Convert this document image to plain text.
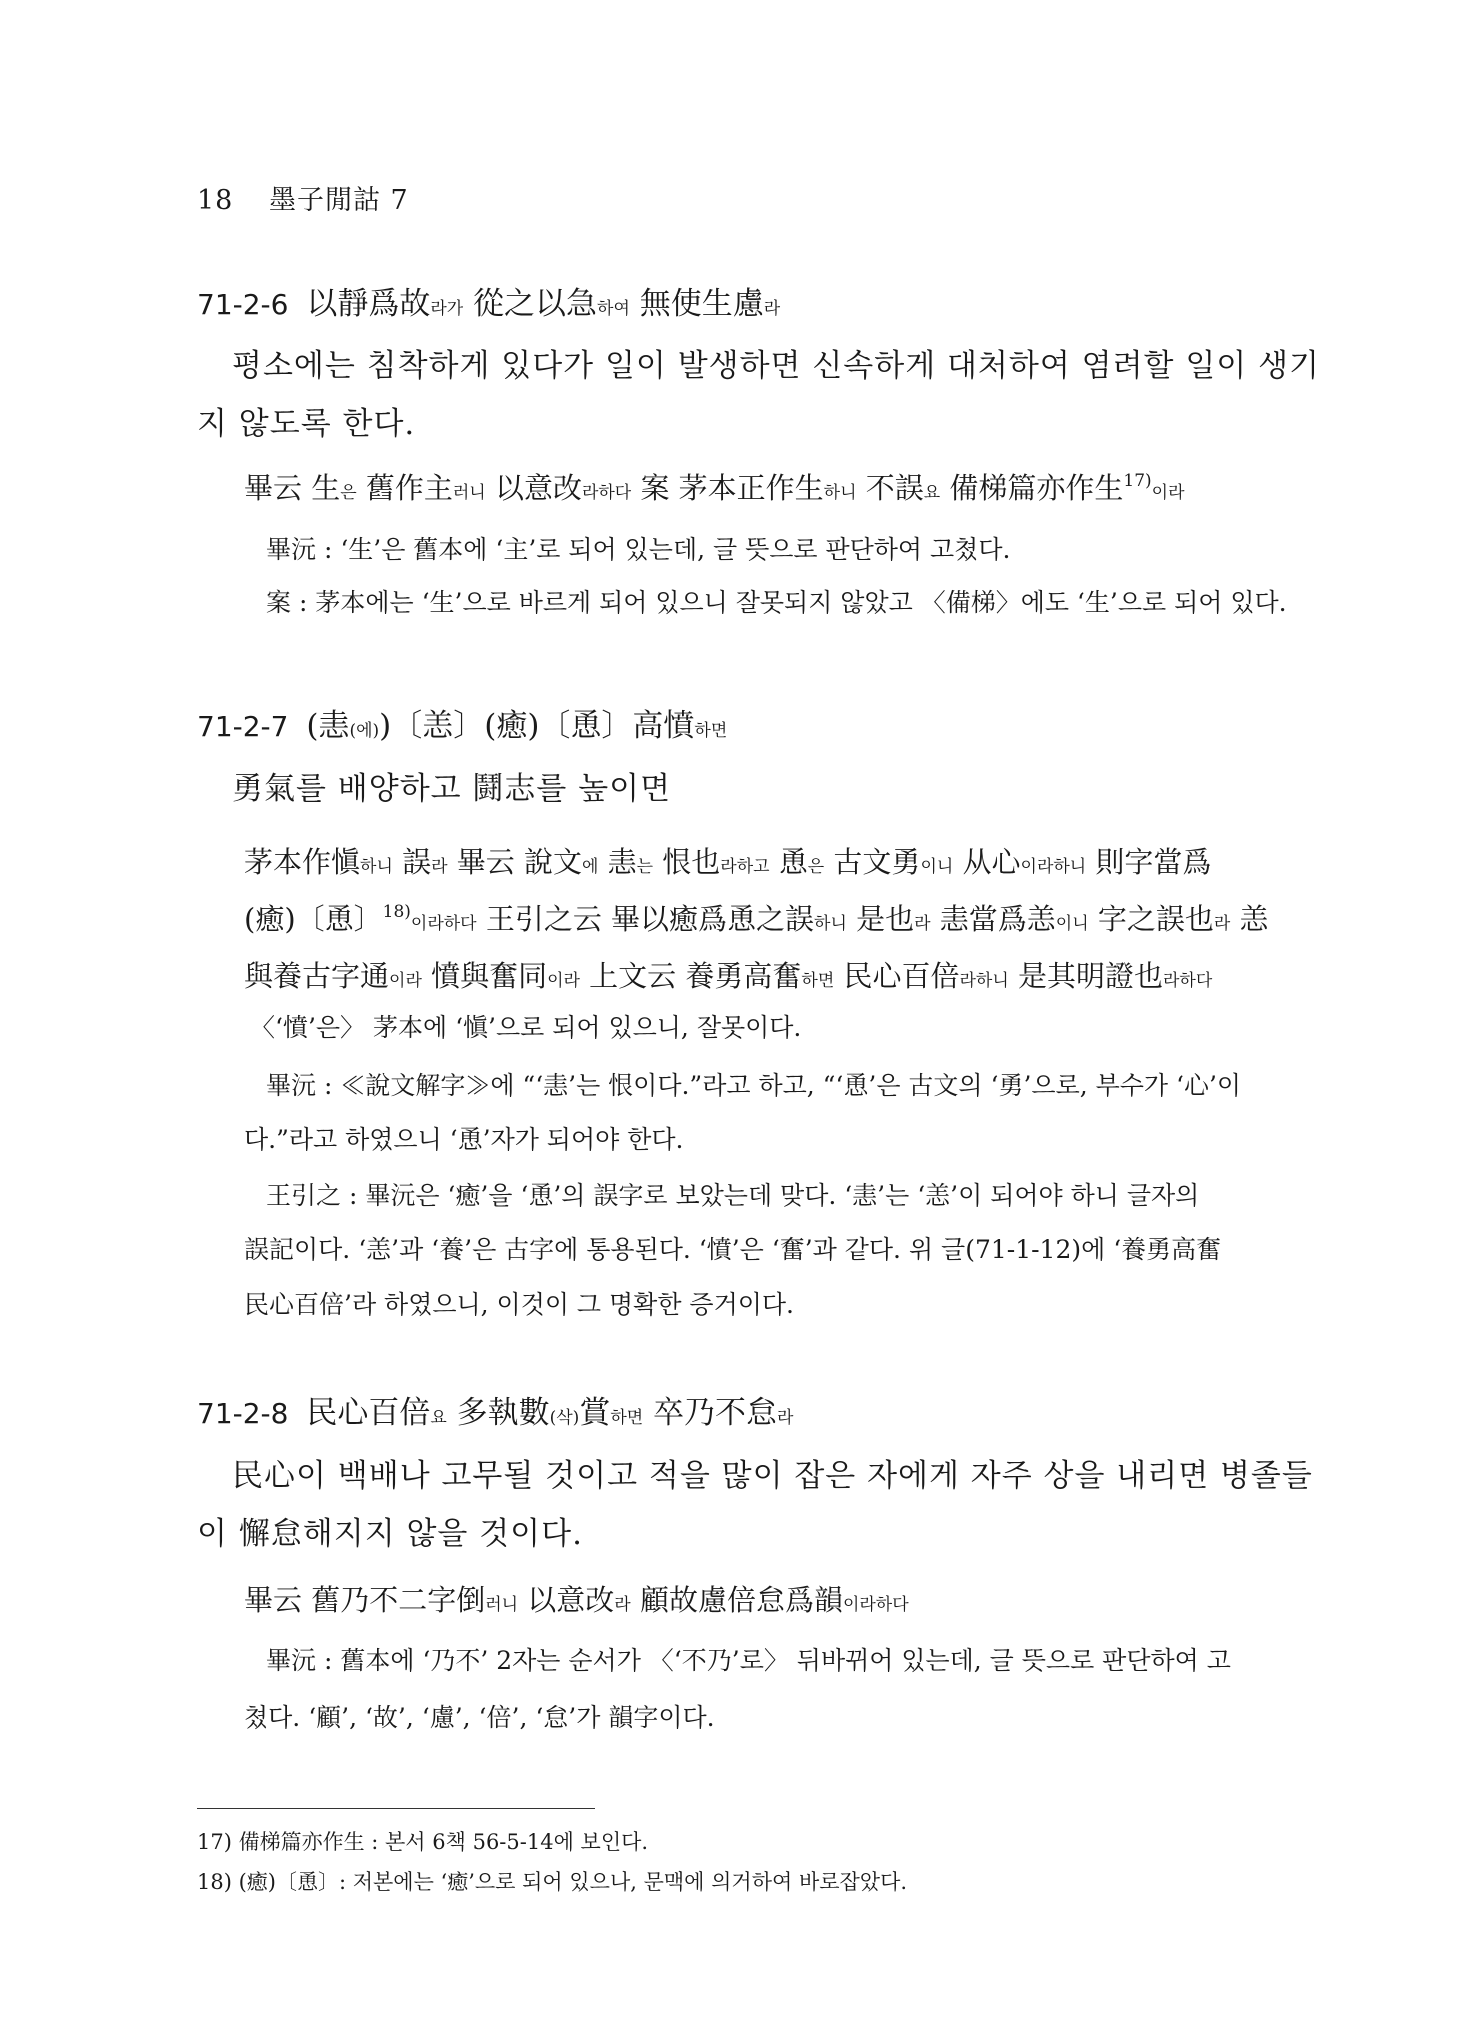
18 墨子閒詁 7
71-2-6 以靜爲故라가 從之以急하여 無使生慮라
평소에는 침착하게 있다가 일이 발생하면 신속하게 대처하여 염려할 일이 생기
지 않도록 한다.
畢云 生은 舊作主러니 以意改라하다 案 茅本正作生하니 不誤요 備梯篇亦作生$^{17)}$이라
畢沅 : ‘生’은 舊本에 ‘主’로 되어 있는데, 글 뜻으로 판단하여 고쳤다.
案 : 茅本에는 ‘生’으로 바르게 되어 있으니 잘못되지 않았고 〈備梯〉에도 ‘生’으로 되어 있다.
71-2-7 (恚(에))〔恙〕(癒)〔恿〕高憤하면
勇氣를 배양하고 鬪志를 높이면
茅本作愼하니 誤라 畢云 說文에 恚는 恨也라하고 恿은 古文勇이니 从心이라하니 則字當爲
(癒)〔恿〕$^{18)}$이라하다 王引之云 畢以癒爲恿之誤하니 是也라 恚當爲恙이니 字之誤也라 恙
與養古字通이라 憤與奮同이라 上文云 養勇高奮하면 民心百倍라하니 是其明證也라하다
〈‘憤’은〉 茅本에 ‘愼’으로 되어 있으니, 잘못이다.
畢沅 : ≪說文解字≫에 “‘恚’는 恨이다.”라고 하고, “‘恿’은 古文의 ‘勇’으로, 부수가 ‘心’이
다.”라고 하였으니 ‘恿’자가 되어야 한다.
王引之 : 畢沅은 ‘癒’을 ‘恿’의 誤字로 보았는데 맞다. ‘恚’는 ‘恙’이 되어야 하니 글자의
誤記이다. ‘恙’과 ‘養’은 古字에 통용된다. ‘憤’은 ‘奮’과 같다. 위 글(71-1-12)에 ‘養勇高奮
民心百倍’라 하였으니, 이것이 그 명확한 증거이다.
71-2-8 民心百倍요 多執數(삭)賞하면 卒乃不怠라
民心이 백배나 고무될 것이고 적을 많이 잡은 자에게 자주 상을 내리면 병졸들
이 懈怠해지지 않을 것이다.
畢云 舊乃不二字倒러니 以意改라 顧故慮倍怠爲韻이라하다
畢沅 : 舊本에 ‘乃不’ 2자는 순서가 〈‘不乃’로〉 뒤바뀌어 있는데, 글 뜻으로 판단하여 고
쳤다. ‘顧’, ‘故’, ‘慮’, ‘倍’, ‘怠’가 韻字이다.
17) 備梯篇亦作生 : 본서 6책 56-5-14에 보인다.
18) (癒)〔恿〕: 저본에는 ‘癒’으로 되어 있으나, 문맥에 의거하여 바로잡았다.
